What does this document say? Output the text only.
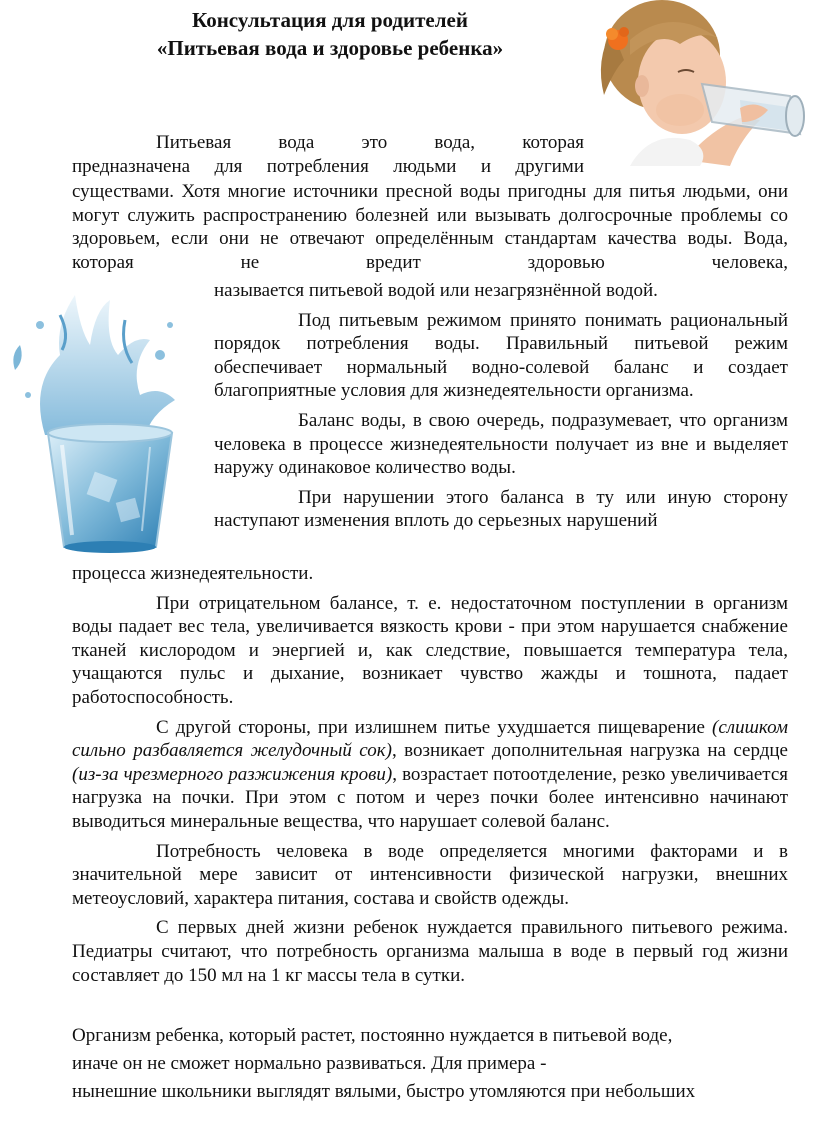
Консультация для родителей
«Питьевая вода и здоровье ребенка»

Питьевая вода это вода, которая

предназначена для потребления людьми и другими

существами. Хотя многие источники пресной воды пригодны для питья людьми, они могут служить распространению болезней или вызывать долгосрочные проблемы со здоровьем, если они не отвечают определённым стандартам качества воды. Вода, которая не вредит здоровью человека,

называется питьевой водой или незагрязнённой водой.

Под питьевым режимом принято понимать рациональный порядок потребления воды. Правильный питьевой режим обеспечивает нормальный водно-солевой баланс и создает благоприятные условия для жизнедеятельности организма.

Баланс воды, в свою очередь, подразумевает, что организм человека в процессе жизнедеятельности получает из вне и выделяет наружу одинаковое количество воды.

При нарушении этого баланса в ту или иную сторону наступают изменения вплоть до серьезных нарушений

процесса жизнедеятельности.

При отрицательном балансе, т. е. недостаточном поступлении в организм воды падает вес тела, увеличивается вязкость крови - при этом нарушается снабжение тканей кислородом и энергией и, как следствие, повышается температура тела, учащаются пульс и дыхание, возникает чувство жажды и тошнота, падает работоспособность.

С другой стороны, при излишнем питье ухудшается пищеварение (слишком сильно разбавляется желудочный сок), возникает дополнительная нагрузка на сердце (из-за чрезмерного разжижения крови), возрастает потоотделение, резко увеличивается нагрузка на почки. При этом с потом и через почки более интенсивно начинают выводиться минеральные вещества, что нарушает солевой баланс.

Потребность человека в воде определяется многими факторами и в значительной мере зависит от интенсивности физической нагрузки, внешних метеоусловий, характера питания, состава и свойств одежды.

С первых дней жизни ребенок нуждается правильного питьевого режима. Педиатры считают, что потребность организма малыша в воде в первый год жизни составляет до 150 мл на 1 кг массы тела в сутки.

Организм ребенка, который растет, постоянно нуждается в питьевой воде,

иначе он не сможет нормально развиваться. Для примера -

нынешние школьники выглядят вялыми, быстро утомляются при небольших
